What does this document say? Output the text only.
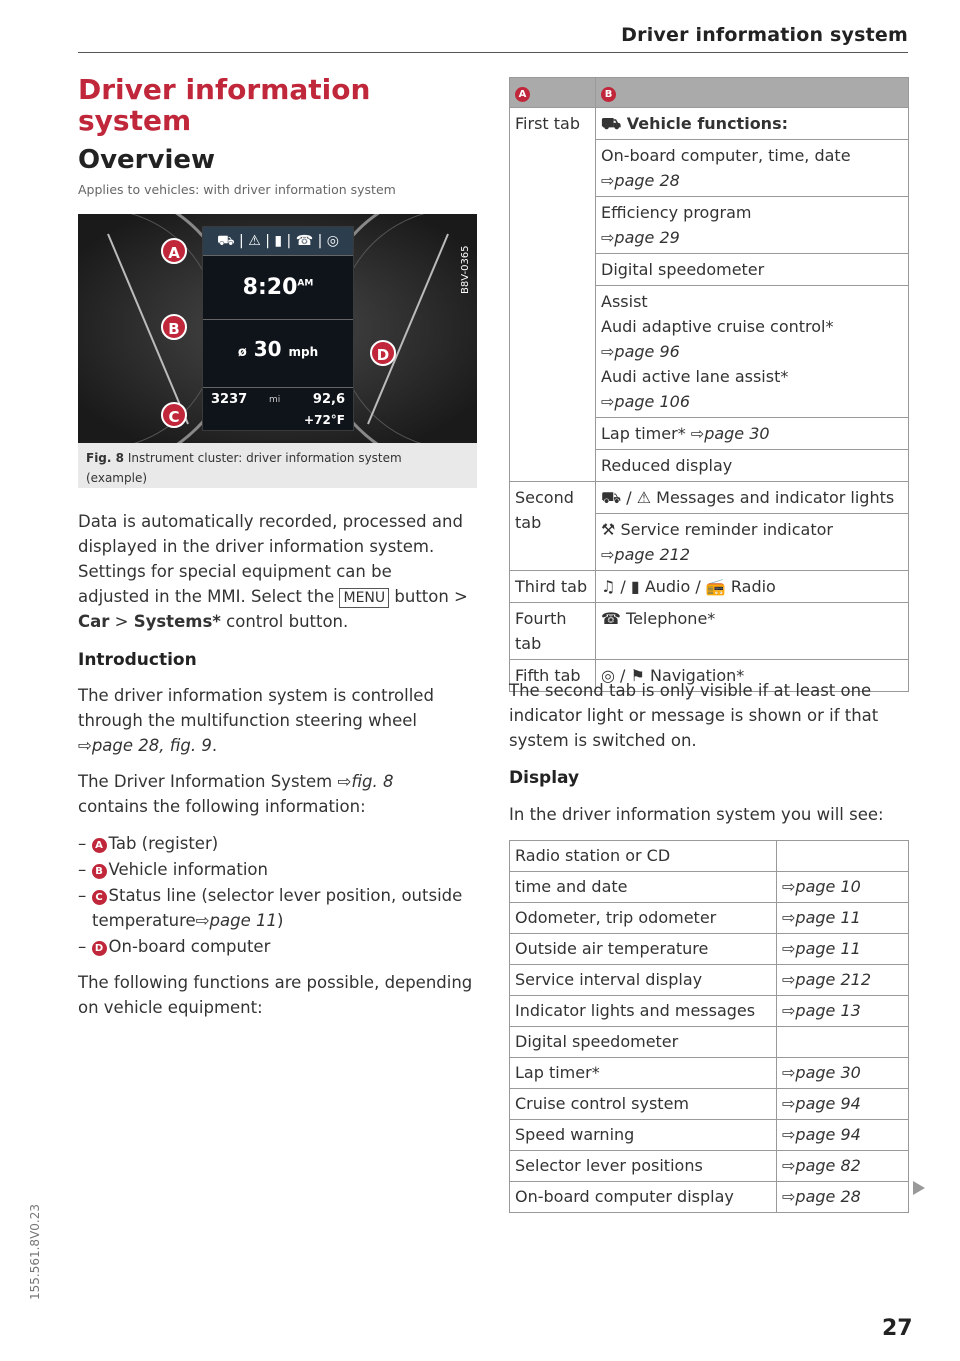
Driver information system
Driver information system
Overview
Applies to vehicles: with driver information system
⛟ | ⚠ | ▮ | ☎ | ◎
$8:20^{AM}$
ø 30 mph
3237 mi	92,6
+72°F
A
B
C
D
B8V-0365
Fig. 8 Instrument cluster: driver information system (example)
Data is automatically recorded, processed and displayed in the driver information system. Settings for special equipment can be adjusted in the MMI. Select the MENU button > Car > Systems* control button.
Introduction
The driver information system is controlled through the multifunction steering wheel ⇨page 28, fig. 9.
The Driver Information System ⇨fig. 8 contains the following information:
– A Tab (register)
– B Vehicle information
– C Status line (selector lever position, outside temperature⇨page 11)
– D On-board computer
The following functions are possible, depending on vehicle equipment:
A	B
First tab	⛟ Vehicle functions:

	On-board computer, time, date
⇨page 28

	Efficiency program
⇨page 29

	Digital speedometer

	Assist
Audi adaptive cruise control*
⇨page 96
Audi active lane assist*
⇨page 106

	Lap timer* ⇨page 30
	Reduced display
Second tab	⛟ / ⚠ Messages and indicator lights
	⚒ Service reminder indicator
⇨page 212

Third tab	♫ / ▮ Audio / 📻 Radio
Fourth tab	☎ Telephone*
Fifth tab	◎ / ⚑ Navigation*
The second tab is only visible if at least one indicator light or message is shown or if that system is switched on.
Display
In the driver information system you will see:
Radio station or CD	
time and date	⇨page 10
Odometer, trip odometer	⇨page 11
Outside air temperature	⇨page 11
Service interval display	⇨page 212
Indicator lights and messages	⇨page 13
Digital speedometer	
Lap timer*	⇨page 30
Cruise control system	⇨page 94
Speed warning	⇨page 94
Selector lever positions	⇨page 82
On-board computer display	⇨page 28
27
155.561.8V0.23
